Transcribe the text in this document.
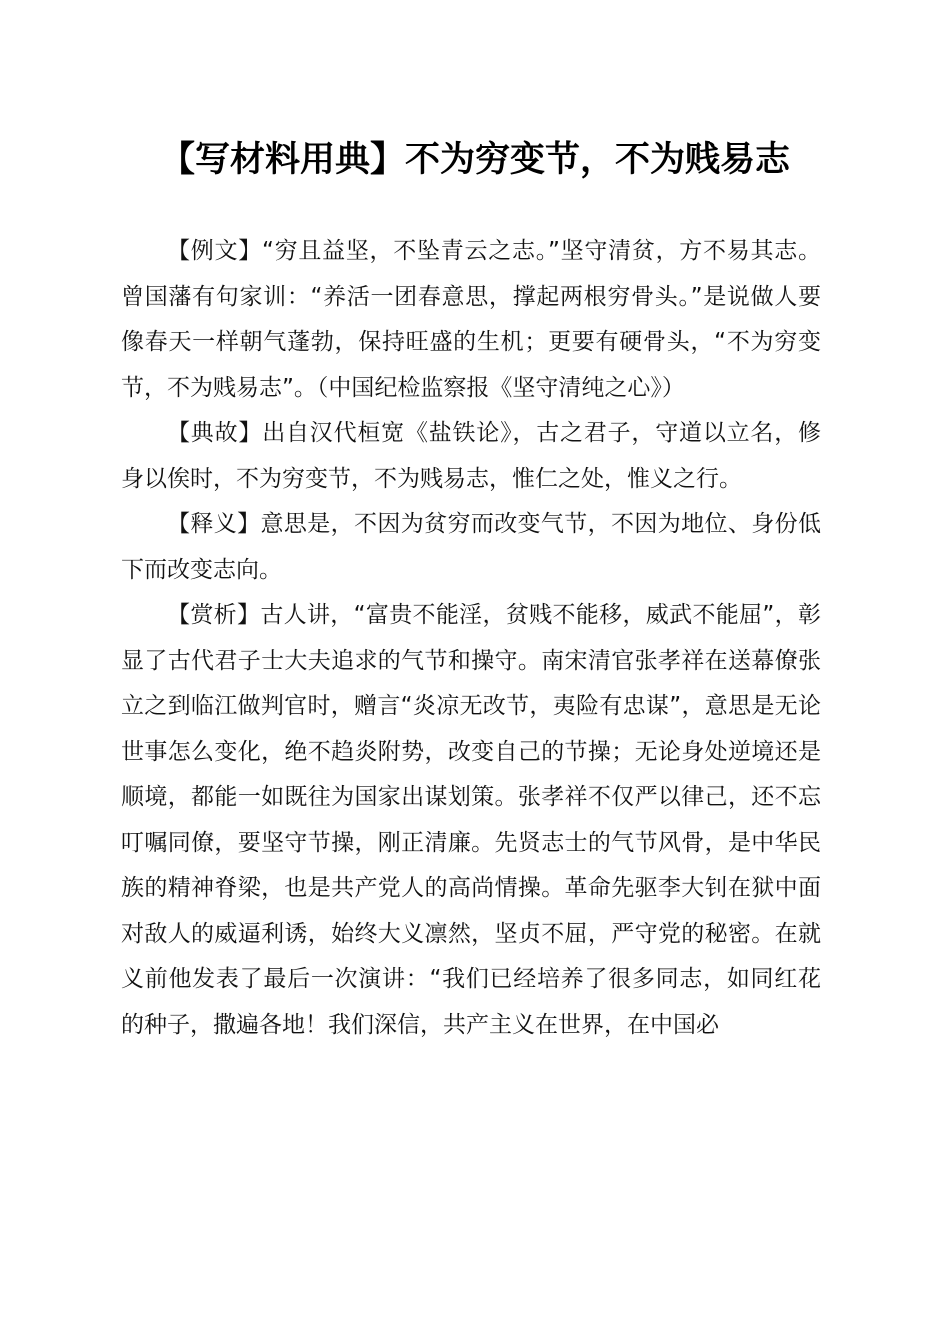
【写材料用典】不为穷变节，不为贱易志

【例文】“穷且益坚，不坠青云之志。”坚守清贫，方不易其志。曾国藩有句家训：“养活一团春意思，撑起两根穷骨头。”是说做人要像春天一样朝气蓬勃，保持旺盛的生机；更要有硬骨头，“不为穷变节，不为贱易志”。（中国纪检监察报《坚守清纯之心》）

【典故】出自汉代桓宽《盐铁论》，古之君子，守道以立名，修身以俟时，不为穷变节，不为贱易志，惟仁之处，惟义之行。

【释义】意思是，不因为贫穷而改变气节，不因为地位、身份低下而改变志向。

【赏析】古人讲，“富贵不能淫，贫贱不能移，威武不能屈”，彰显了古代君子士大夫追求的气节和操守。南宋清官张孝祥在送幕僚张立之到临江做判官时，赠言“炎凉无改节，夷险有忠谋”，意思是无论世事怎么变化，绝不趋炎附势，改变自己的节操；无论身处逆境还是顺境，都能一如既往为国家出谋划策。张孝祥不仅严以律己，还不忘叮嘱同僚，要坚守节操，刚正清廉。先贤志士的气节风骨，是中华民族的精神脊梁，也是共产党人的高尚情操。革命先驱李大钊在狱中面对敌人的威逼利诱，始终大义凛然，坚贞不屈，严守党的秘密。在就义前他发表了最后一次演讲：“我们已经培养了很多同志，如同红花的种子，撒遍各地！我们深信，共产主义在世界，在中国必
